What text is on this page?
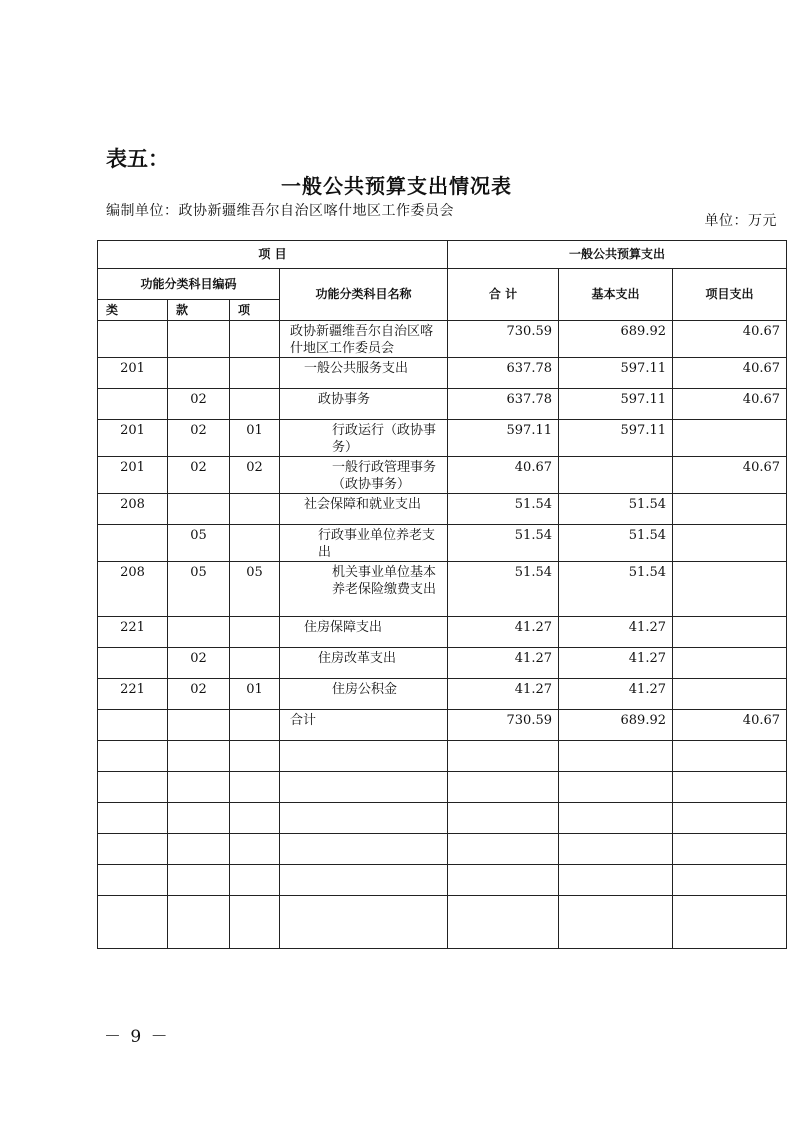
表五：
一般公共预算支出情况表
编制单位：政协新疆维吾尔自治区喀什地区工作委员会
单位：万元
项 目				一般公共预算支出		
功能分类科目编码			功能分类科目名称	合 计	基本支出	项目支出
类	款	项				
			政协新疆维吾尔自治区喀什地区工作委员会	730.59	689.92	40.67
201			一般公共服务支出	637.78	597.11	40.67
	02		政协事务	637.78	597.11	40.67
201	02	01	行政运行（政协事务）	597.11	597.11	
201	02	02	一般行政管理事务（政协事务）	40.67		40.67
208			社会保障和就业支出	51.54	51.54	
	05		行政事业单位养老支出	51.54	51.54	
208	05	05	机关事业单位基本养老保险缴费支出	51.54	51.54	
221			住房保障支出	41.27	41.27	
	02		住房改革支出	41.27	41.27	
221	02	01	住房公积金	41.27	41.27	
			合计	730.59	689.92	40.67

－ 9 －
